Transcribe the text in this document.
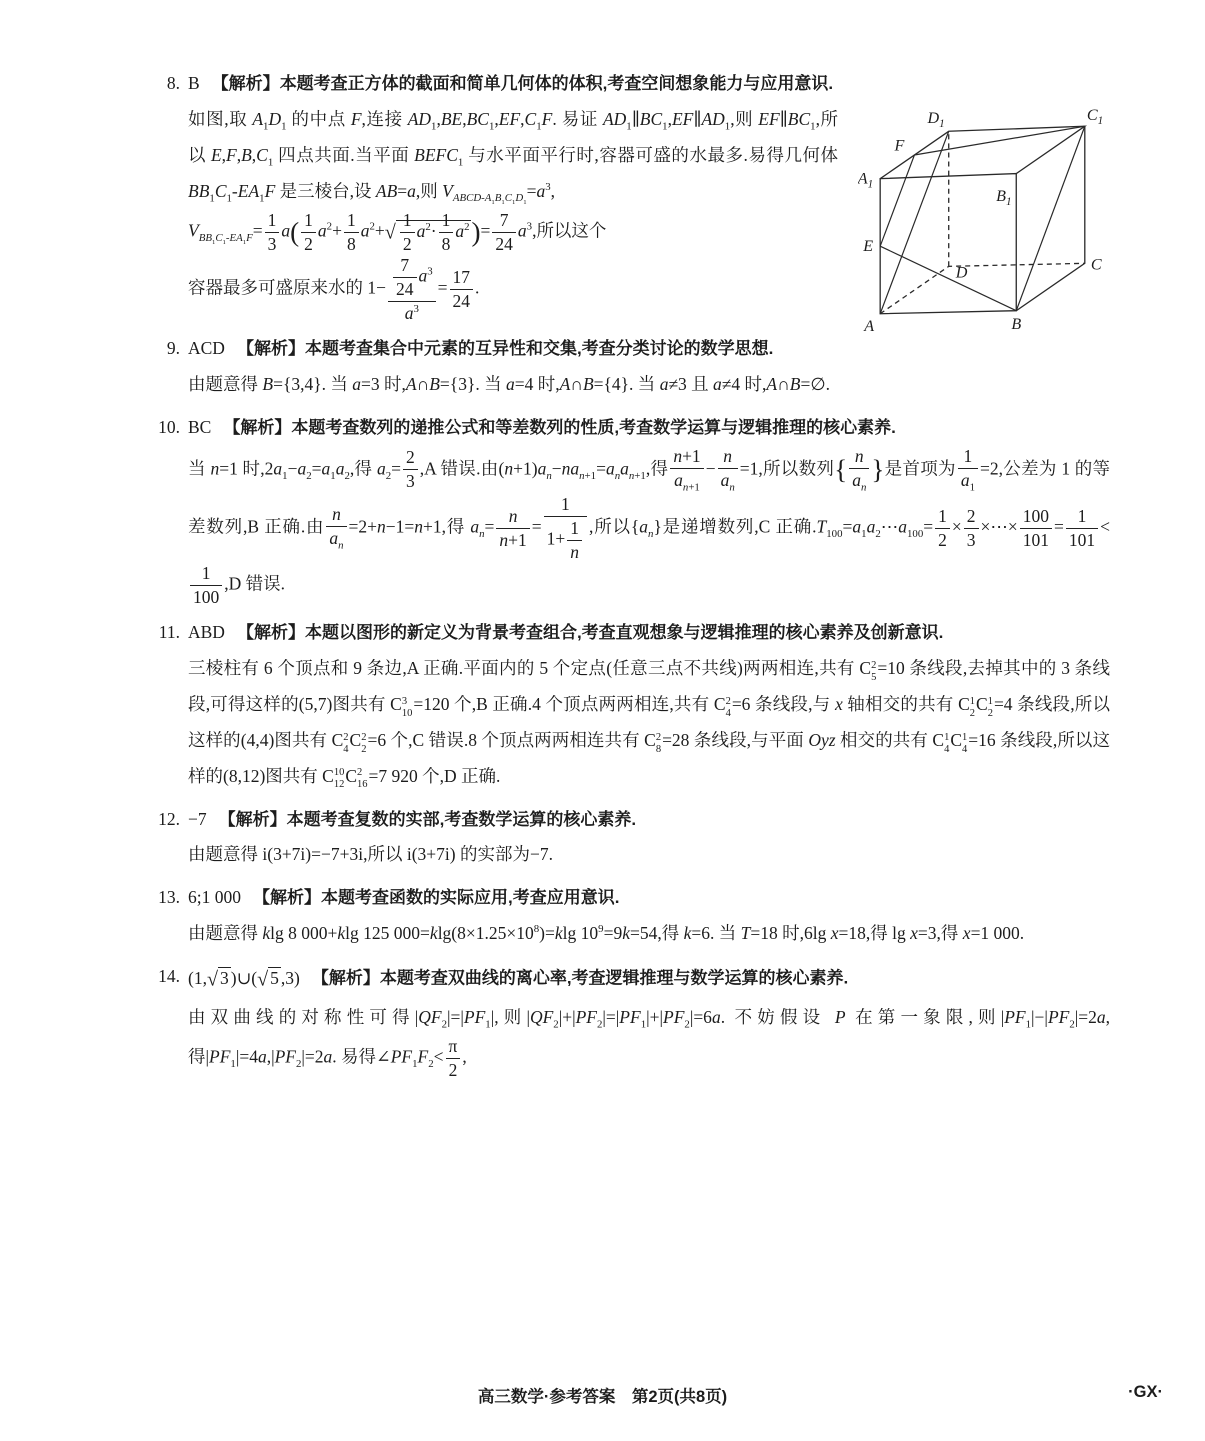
8. B 【解析】本题考查正方体的截面和简单几何体的体积,考查空间想象能力与应用意识.

$D_1$
$C_1$
F
$A_1$
$B_1$
E
D	C
A	B

如图,取 $A_1D_1$ 的中点 F,连接 $AD_1,BE,BC_1,EF,C_1F$. 易证 $AD_1\parallel BC_1,EF\parallel AD_1$,则 $EF\parallel BC_1$,所以 $E,F,B,C_1$ 四点共面.当平面 $BEFC_1$ 与水平面平行时,容器可盛的水最多.易得几何体 $BB_1C_1-EA_1F$ 是三棱台,设 AB=a,则 $V_{ABCD-A_1B_1C_1D_1}=a^3$,

$V_{BB_1C_1-EA_1F}= \frac{1}{3} a( \frac{1}{2} a^2+ \frac{1}{8} a^2+√ \frac{1}{2} a^2\cdot \frac{1}{8} a^2)= \frac{7}{24} a^3$,所以这个

容器最多可盛原来水的 $1- \frac{\frac{7}{24} a^3}{a^3} = \frac{17}{24}$ .

9. ACD 【解析】本题考查集合中元素的互异性和交集,考查分类讨论的数学思想.

由题意得 B={3,4}. 当 a=3 时,A∩B={3}. 当 a=4 时,A∩B={4}. 当 a≠3 且 a≠4 时,A∩B=∅.

10. BC 【解析】本题考查数列的递推公式和等差数列的性质,考查数学运算与逻辑推理的核心素养.

当 n=1 时$,2a_1-a_2=a_1a_2$,得 $a_2= \frac{2}{3} ,A$ 错误.由$(n+1)a_n-na_{n+1}=a_na_{n+1}$,得 $\frac{n+1}{a_{n+1}} - \frac{n}{a_n} =1$,所以数列{ $\frac{n}{a_n}$ }是首项为 $\frac{1}{a_1} =2$,公差为 1 的等差数列,B 正确.由 $\frac{n}{a_n} =2+n-1=n+1$,得 $a_n= \frac{n}{n+1} = \frac{1}{1+ \frac{1}{n}}$ ,所以$\{a_n\}$是递增数列,C 正确$.T_{100}=a_1a_2\cdots a_{100}= \frac{1}{2} \times \frac{2}{3}$ ×⋯× $\frac{100}{101} = \frac{1}{101}$ <
$\frac{1}{100} ,D$ 错误.

11. ABD 【解析】本题以图形的新定义为背景考查组合,考查直观想象与逻辑推理的核心素养及创新意识.

三棱柱有 6 个顶点和 9 条边,A 正确.平面内的 5 个定点(任意三点不共线)两两相连,共有 C 2
5 =10 条线段,去掉其中的 3 条线段,可得这样的(5,7)图共有 C 3
10 =120 个,B 正确.4 个顶点两两相连,共有 C 2
4 =6 条线段,与 x 轴相交的共有 C 1
2 C 1
2 =4 条线段,所以这样的(4,4)图共有 C 2
4 C 2
2 =6 个,C 错误.8 个顶点两两相连共有 C 2
8 =28 条线段,与平面 Oyz 相交的共有 C 1
4 C 1
4 =16 条线段,所以这样的(8,12)图共有 C 10
12 C 2
16 =7 920 个,D 正确.

12. −7 【解析】本题考查复数的实部,考查数学运算的核心素养.

由题意得 i(3+7i)=−7+3i,所以 i(3+7i) 的实部为−7.

13. 6;1 000 【解析】本题考查函数的实际应用,考查应用意识.

由题意得 klg 8 000+klg 125 $000=klg(8\times 1.25\times 10^8)=klg$ $10^9=9k=54$,得 k=6. 当 T=18 时,6lg x=18,得 lg x=3,得 x=1 000.

14. (1,√ 3 )∪(√ 5 ,3) 【解析】本题考查双曲线的离心率,考查逻辑推理与数学运算的核心素养.

由双曲线的对称性可得$|QF_2|=|PF_1|$,则$|QF_2|+|PF_2|=|PF_1|+|PF_2|=6a$. 不妨假设 P 在第一象限,则$|PF_1|-|PF_2|=2a$,得$|PF_1|=4a,|PF_2|=2a$. 易得$\angle PF_1F_2< \frac{\pi}{2}$ ,

高三数学·参考答案　第2页(共8页)	·GX·
